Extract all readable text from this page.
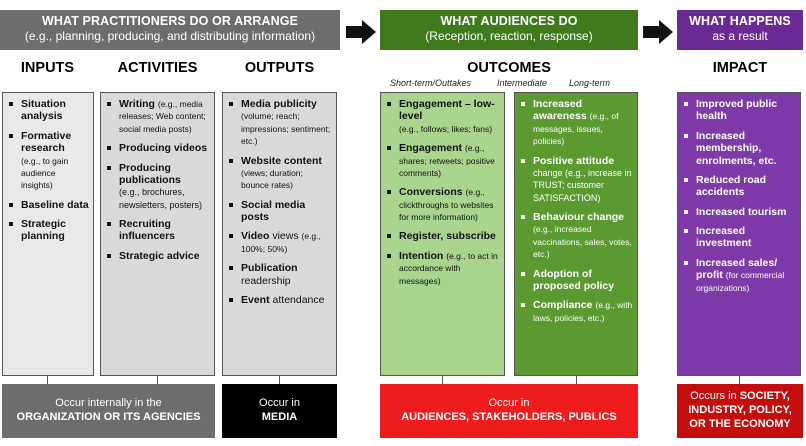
WHAT PRACTITIONERS DO OR ARRANGE
(e.g., planning, producing, and distributing information)
WHAT AUDIENCES DO
(Reception, reaction, response)
WHAT HAPPENS
as a result
INPUTS	ACTIVITIES	OUTPUTS	OUTCOMES	IMPACT
Short-term/Outtakes	Intermediate Long-term
Situation analysis
Formative research
(e.g., to gain audience insights)
Baseline data
Strategic planning
Writing (e.g., media releases; Web content; social media posts)
Producing videos
Producing publications
(e.g., brochures, newsletters, posters)
Recruiting influencers
Strategic advice
Media publicity
(volume; reach; impressions; sentiment; etc.)
Website content
(views; duration; bounce rates)
Social media posts
Video views (e.g., 100%; 50%)
Publication
readership
Event attendance
Engagement – low-level
(e.g., follows; likes; fans)
Engagement (e.g., shares; retweets; positive comments)
Conversions (e.g., clickthroughs to websites for more information)
Register, subscribe
Intention (e.g., to act in accordance with messages)
Increased awareness (e.g., of messages, issues, policies)
Positive attitude change (e.g., increase in TRUST; customer SATISFACTION)
Behaviour change
(e.g., increased vaccinations, sales, votes, etc.)
Adoption of proposed policy
Compliance (e.g., with laws, policies, etc.)
Improved public health
Increased membership, enrolments, etc.
Reduced road accidents
Increased tourism
Increased investment
Increased sales/ profit (for commercial organizations)
Occur internally in the
ORGANIZATION OR ITS AGENCIES
Occur in
MEDIA
Occur in
AUDIENCES, STAKEHOLDERS, PUBLICS
Occurs in SOCIETY,
INDUSTRY, POLICY,
OR THE ECONOMY
